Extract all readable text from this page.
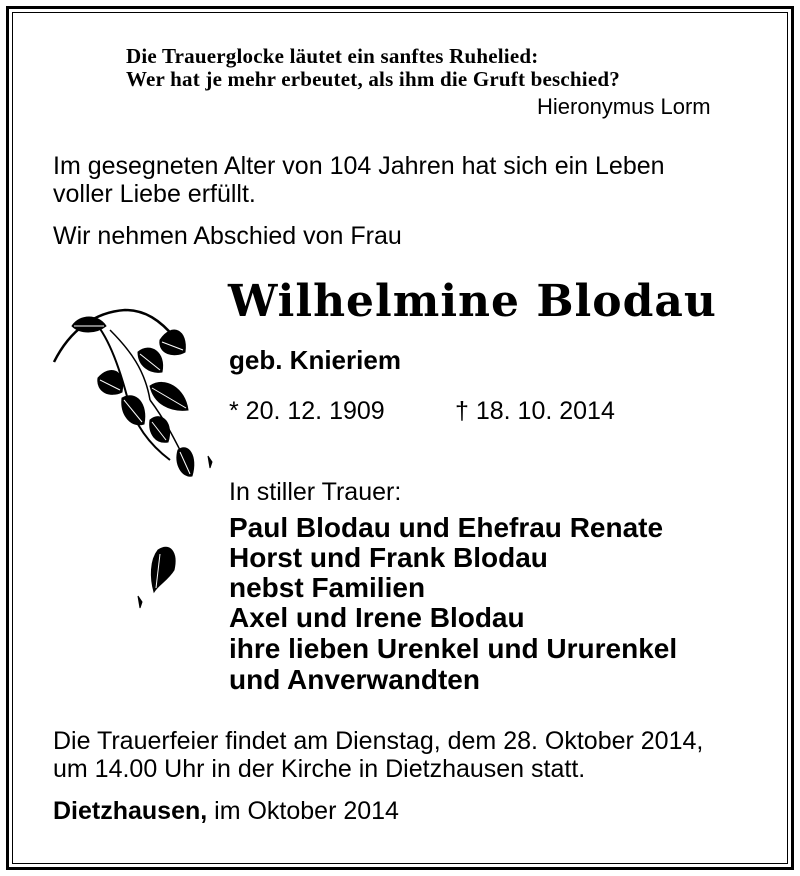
Die Trauerglocke läutet ein sanftes Ruhelied:
Wer hat je mehr erbeutet, als ihm die Gruft beschied?
Hieronymus Lorm
Im gesegneten Alter von 104 Jahren hat sich ein Leben
voller Liebe erfüllt.
Wir nehmen Abschied von Frau
Wilhelmine Blodau
geb. Knieriem
* 20. 12. 1909	† 18. 10. 2014
In stiller Trauer:
Paul Blodau und Ehefrau Renate
Horst und Frank Blodau
nebst Familien
Axel und Irene Blodau
ihre lieben Urenkel und Ururenkel
und Anverwandten
Die Trauerfeier findet am Dienstag, dem 28. Oktober 2014,
um 14.00 Uhr in der Kirche in Dietzhausen statt.
Dietzhausen, im Oktober 2014
